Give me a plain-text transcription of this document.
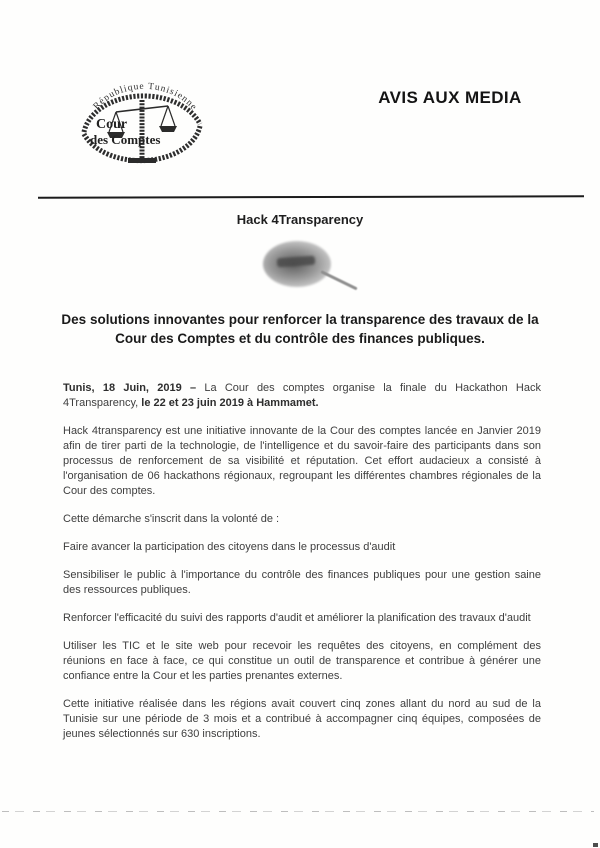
République Tunisienne
Cour
des Comptes
AVIS AUX MEDIA
Hack 4Transparency
Des solutions innovantes pour renforcer la transparence des travaux de la Cour des Comptes et du contrôle des finances publiques.

Tunis, 18 Juin, 2019 – La Cour des comptes organise la finale du Hackathon Hack 4Transparency, le 22 et 23 juin 2019 à Hammamet.

Hack 4transparency est une initiative innovante de la Cour des comptes lancée en Janvier 2019 afin de tirer parti de la technologie, de l'intelligence et du savoir-faire des participants dans son processus de renforcement de sa visibilité et réputation. Cet effort audacieux a consisté à l'organisation de 06 hackathons régionaux, regroupant les différentes chambres régionales de la Cour des comptes.

Cette démarche s'inscrit dans la volonté de :

Faire avancer la participation des citoyens dans le processus d'audit

Sensibiliser le public à l'importance du contrôle des finances publiques pour une gestion saine des ressources publiques.

Renforcer l'efficacité du suivi des rapports d'audit et améliorer la planification des travaux d'audit

Utiliser les TIC et le site web pour recevoir les requêtes des citoyens, en complément des réunions en face à face, ce qui constitue un outil de transparence et contribue à générer une confiance entre la Cour et les parties prenantes externes.

Cette initiative réalisée dans les régions avait couvert cinq zones allant du nord au sud de la Tunisie sur une période de 3 mois et a contribué à accompagner cinq équipes, composées de jeunes sélectionnés sur 630 inscriptions.
